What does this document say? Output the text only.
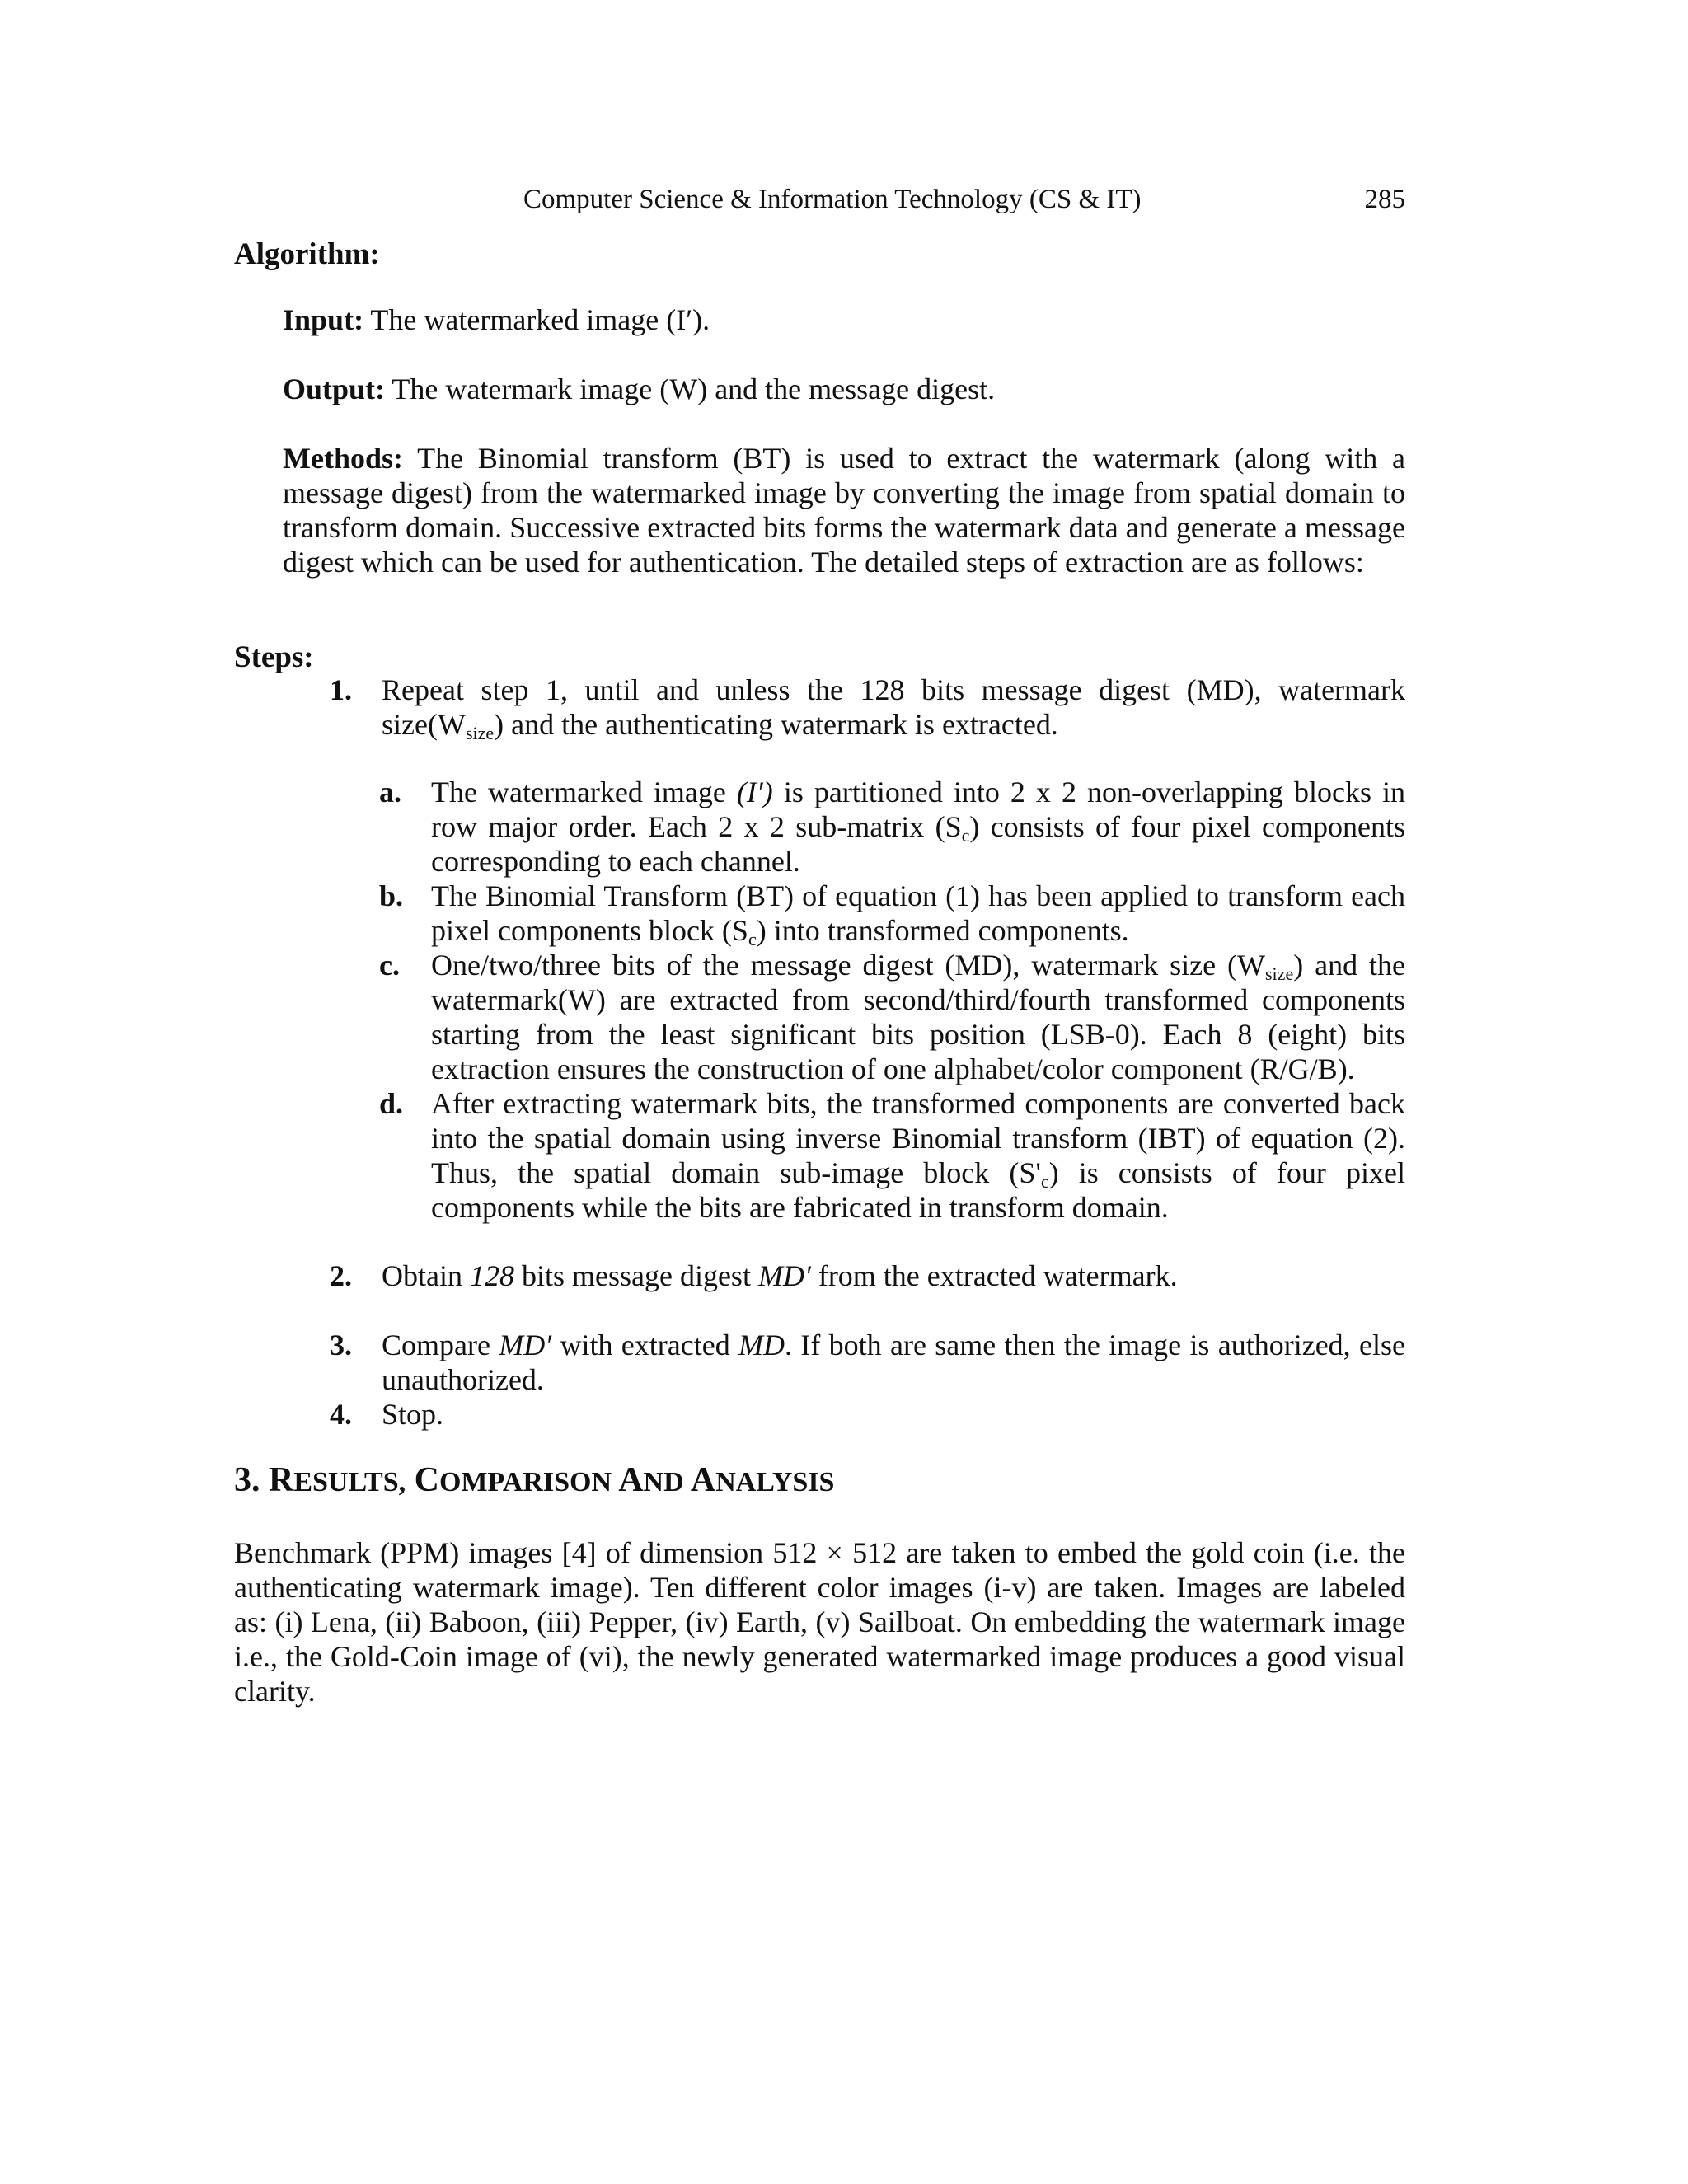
Computer Science & Information Technology (CS & IT)	285
Algorithm:
Input: The watermarked image (I′).
Output: The watermark image (W) and the message digest.
Methods: The Binomial transform (BT) is used to extract the watermark (along with a message digest) from the watermarked image by converting the image from spatial domain to transform domain. Successive extracted bits forms the watermark data and generate a message digest which can be used for authentication. The detailed steps of extraction are as follows:
Steps:
1.	Repeat step 1, until and unless the 128 bits message digest (MD), watermark $size(W_{size})$ and the authenticating watermark is extracted.
a.	The watermarked image (I′) is partitioned into 2 x 2 non-overlapping blocks in row major order. Each 2 x 2 sub-matrix $(S_c)$ consists of four pixel components corresponding to each channel.
b. The Binomial Transform (BT) of equation (1) has been applied to transform each pixel components block $(S_c)$ into transformed components.
c.	One/two/three bits of the message digest (MD), watermark size $(W_{size})$ and the watermark(W) are extracted from second/third/fourth transformed components starting from the least significant bits position (LSB-0). Each 8 (eight) bits extraction ensures the construction of one alphabet/color component (R/G/B).
d. After extracting watermark bits, the transformed components are converted back into the spatial domain using inverse Binomial transform (IBT) of equation (2). Thus, the spatial domain sub-image block $(S'_c)$ is consists of four pixel components while the bits are fabricated in transform domain.
2.	Obtain 128 bits message digest MD′ from the extracted watermark.
3.	Compare MD′ with extracted MD. If both are same then the image is authorized, else unauthorized.
4.	Stop.
3. RESULTS, COMPARISON AND ANALYSIS
Benchmark (PPM) images [4] of dimension 512 × 512 are taken to embed the gold coin (i.e. the authenticating watermark image). Ten different color images (i-v) are taken. Images are labeled as: (i) Lena, (ii) Baboon, (iii) Pepper, (iv) Earth, (v) Sailboat. On embedding the watermark image i.e., the Gold-Coin image of (vi), the newly generated watermarked image produces a good visual clarity.
